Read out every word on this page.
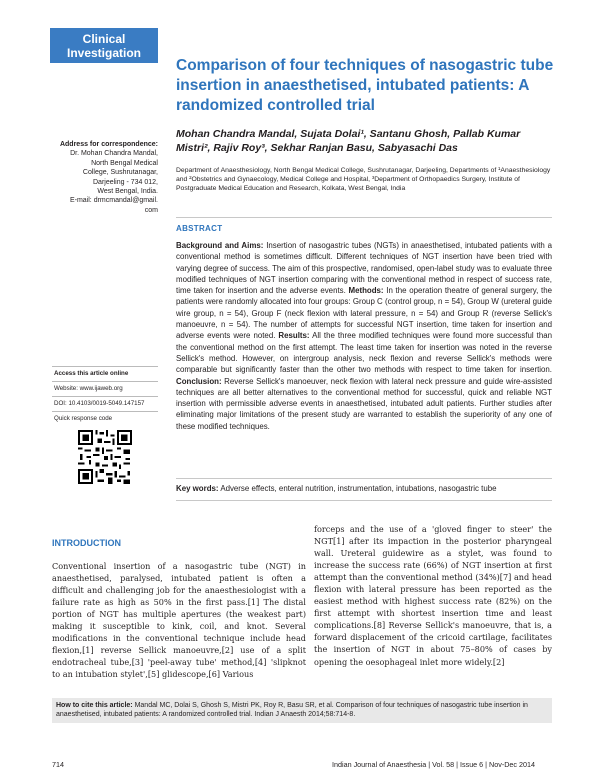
Clinical
Investigation
Comparison of four techniques of nasogastric tube insertion in anaesthetised, intubated patients: A randomized controlled trial
Mohan Chandra Mandal, Sujata Dolai¹, Santanu Ghosh, Pallab Kumar Mistri², Rajiv Roy³, Sekhar Ranjan Basu, Sabyasachi Das
Department of Anaesthesiology, North Bengal Medical College, Sushrutanagar, Darjeeling, Departments of ¹Anaesthesiology and ²Obstetrics and Gynaecology, Medical College and Hospital, ³Department of Orthopaedics Surgery, Institute of Postgraduate Medical Education and Research, Kolkata, West Bengal, India
Address for correspondence:
Dr. Mohan Chandra Mandal,
North Bengal Medical
College, Sushrutanagar,
Darjeeling - 734 012,
West Bengal, India.
E-mail: drmcmandal@gmail.
com
ABSTRACT
Background and Aims: Insertion of nasogastric tubes (NGTs) in anaesthetised, intubated patients with a conventional method is sometimes difficult. Different techniques of NGT insertion have been tried with varying degree of success. The aim of this prospective, randomised, open-label study was to evaluate three modified techniques of NGT insertion comparing with the conventional method in respect of success rate, time taken for insertion and the adverse events. Methods: In the operation theatre of general surgery, the patients were randomly allocated into four groups: Group C (control group, n = 54), Group W (ureteral guide wire group, n = 54), Group F (neck flexion with lateral pressure, n = 54) and Group R (reverse Sellick's manoeuvre, n = 54). The number of attempts for successful NGT insertion, time taken for insertion and adverse events were noted. Results: All the three modified techniques were found more successful than the conventional method on the first attempt. The least time taken for insertion was noted in the reverse Sellick's method. However, on intergroup analysis, neck flexion and reverse Sellick's methods were comparable but significantly faster than the other two methods with respect to time taken for insertion. Conclusion: Reverse Sellick's manoeuver, neck flexion with lateral neck pressure and guide wire-assisted techniques are all better alternatives to the conventional method for successful, quick and reliable NGT insertion with permissible adverse events in anaesthetised, intubated adult patients. Further studies after eliminating major limitations of the present study are warranted to establish the superiority of any one of these modified techniques.
Key words: Adverse effects, enteral nutrition, instrumentation, intubations, nasogastric tube
Access this article online
Website: www.ijaweb.org
DOI: 10.4103/0019-5049.147157
Quick response code
INTRODUCTION
Conventional insertion of a nasogastric tube (NGT) in anaesthetised, paralysed, intubated patient is often a difficult and challenging job for the anaesthesiologist with a failure rate as high as 50% in the first pass.[1] The distal portion of NGT has multiple apertures (the weakest part) making it susceptible to kink, coil, and knot. Several modifications in the conventional technique include head flexion,[1] reverse Sellick manoeuvre,[2] use of a split endotracheal tube,[3] 'peel-away tube' method,[4] 'slipknot to an intubation stylet',[5] glidescope,[6] Various
forceps and the use of a 'gloved finger to steer' the NGT[1] after its impaction in the posterior pharyngeal wall. Ureteral guidewire as a stylet, was found to increase the success rate (66%) of NGT insertion at first attempt than the conventional method (34%)[7] and head flexion with lateral pressure has been reported as the easiest method with highest success rate (82%) on the first attempt with shortest insertion time and least complications.[8] Reverse Sellick's manoeuvre, that is, a forward displacement of the cricoid cartilage, facilitates the insertion of NGT in about 75–80% of cases by opening the oesophageal inlet more widely.[2]
How to cite this article: Mandal MC, Dolai S, Ghosh S, Mistri PK, Roy R, Basu SR, et al. Comparison of four techniques of nasogastric tube insertion in anaesthetised, intubated patients: A randomized controlled trial. Indian J Anaesth 2014;58:714-8.
714	Indian Journal of Anaesthesia | Vol. 58 | Issue 6 | Nov-Dec 2014
